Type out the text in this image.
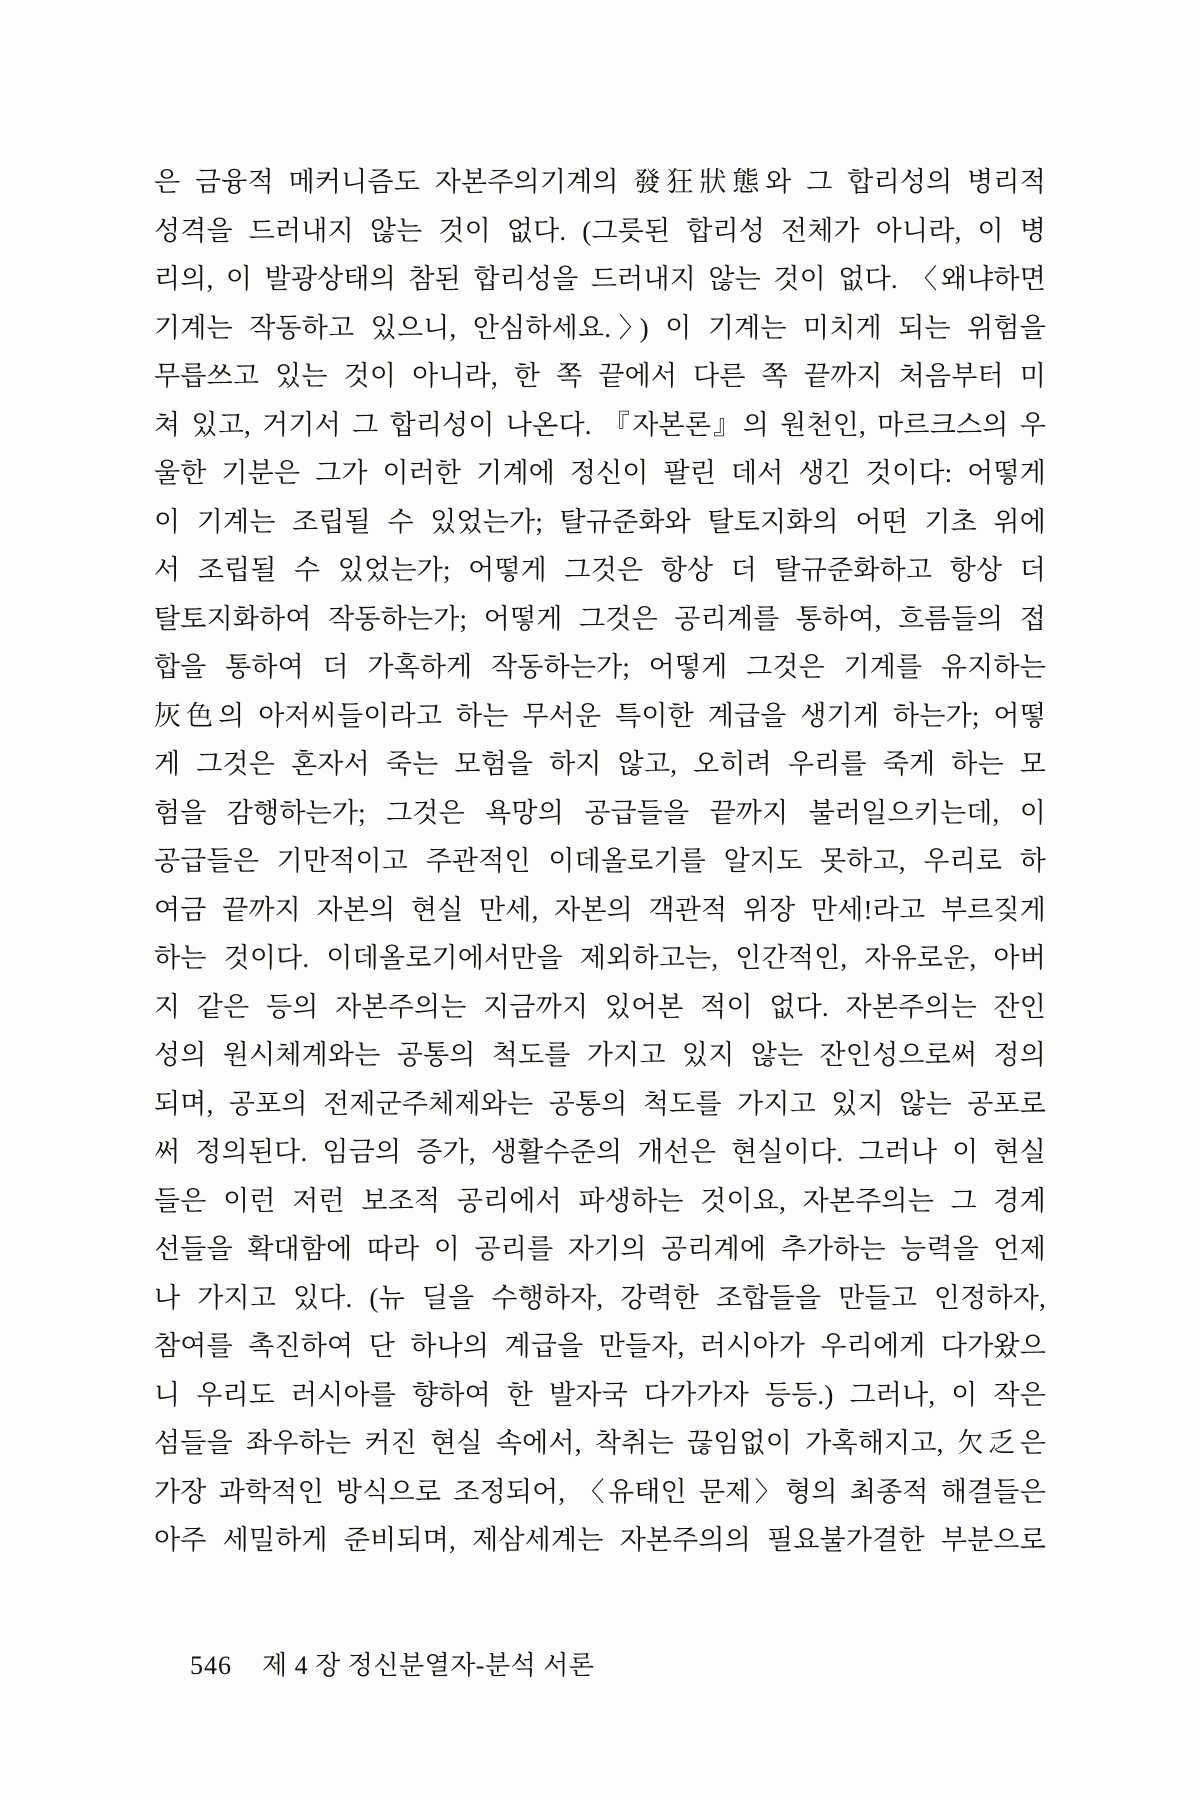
은 금융적 메커니즘도 자본주의기계의 發狂狀態와 그 합리성의 병리적
성격을 드러내지 않는 것이 없다. (그릇된 합리성 전체가 아니라, 이 병
리의, 이 발광상태의 참된 합리성을 드러내지 않는 것이 없다. 〈왜냐하면
기계는 작동하고 있으니, 안심하세요.〉) 이 기계는 미치게 되는 위험을
무릅쓰고 있는 것이 아니라, 한 쪽 끝에서 다른 쪽 끝까지 처음부터 미
쳐 있고, 거기서 그 합리성이 나온다. 『자본론』의 원천인, 마르크스의 우
울한 기분은 그가 이러한 기계에 정신이 팔린 데서 생긴 것이다: 어떻게
이 기계는 조립될 수 있었는가; 탈규준화와 탈토지화의 어떤 기초 위에
서 조립될 수 있었는가; 어떻게 그것은 항상 더 탈규준화하고 항상 더
탈토지화하여 작동하는가; 어떻게 그것은 공리계를 통하여, 흐름들의 접
합을 통하여 더 가혹하게 작동하는가; 어떻게 그것은 기계를 유지하는
灰色의 아저씨들이라고 하는 무서운 특이한 계급을 생기게 하는가; 어떻
게 그것은 혼자서 죽는 모험을 하지 않고, 오히려 우리를 죽게 하는 모
험을 감행하는가; 그것은 욕망의 공급들을 끝까지 불러일으키는데, 이
공급들은 기만적이고 주관적인 이데올로기를 알지도 못하고, 우리로 하
여금 끝까지 자본의 현실 만세, 자본의 객관적 위장 만세!라고 부르짖게
하는 것이다. 이데올로기에서만을 제외하고는, 인간적인, 자유로운, 아버
지 같은 등의 자본주의는 지금까지 있어본 적이 없다. 자본주의는 잔인
성의 원시체계와는 공통의 척도를 가지고 있지 않는 잔인성으로써 정의
되며, 공포의 전제군주체제와는 공통의 척도를 가지고 있지 않는 공포로
써 정의된다. 임금의 증가, 생활수준의 개선은 현실이다. 그러나 이 현실
들은 이런 저런 보조적 공리에서 파생하는 것이요, 자본주의는 그 경계
선들을 확대함에 따라 이 공리를 자기의 공리계에 추가하는 능력을 언제
나 가지고 있다. (뉴 딜을 수행하자, 강력한 조합들을 만들고 인정하자,
참여를 촉진하여 단 하나의 계급을 만들자, 러시아가 우리에게 다가왔으
니 우리도 러시아를 향하여 한 발자국 다가가자 등등.) 그러나, 이 작은
섬들을 좌우하는 커진 현실 속에서, 착취는 끊임없이 가혹해지고, 欠乏은
가장 과학적인 방식으로 조정되어, 〈유태인 문제〉형의 최종적 해결들은
아주 세밀하게 준비되며, 제삼세계는 자본주의의 필요불가결한 부분으로
546 제 4 장 정신분열자-분석 서론
